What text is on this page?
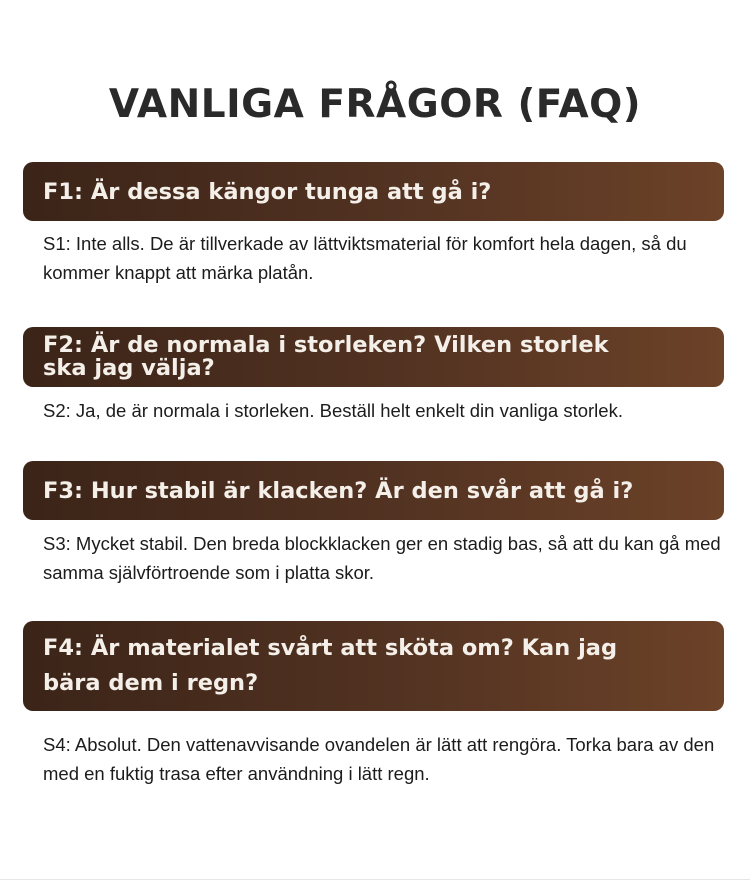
VANLIGA FRÅGOR (FAQ)
F1: Är dessa kängor tunga att gå i?

S1: Inte alls. De är tillverkade av lättviktsmaterial för komfort hela dagen, så du kommer knappt att märka platån.

F2: Är de normala i storleken? Vilken storlek ska jag välja?

S2: Ja, de är normala i storleken. Beställ helt enkelt din vanliga storlek.

F3: Hur stabil är klacken? Är den svår att gå i?

S3: Mycket stabil. Den breda blockklacken ger en stadig bas, så att du kan gå med samma självförtroende som i platta skor.

F4: Är materialet svårt att sköta om? Kan jag bära dem i regn?

S4: Absolut. Den vattenavvisande ovandelen är lätt att rengöra. Torka bara av den med en fuktig trasa efter användning i lätt regn.
